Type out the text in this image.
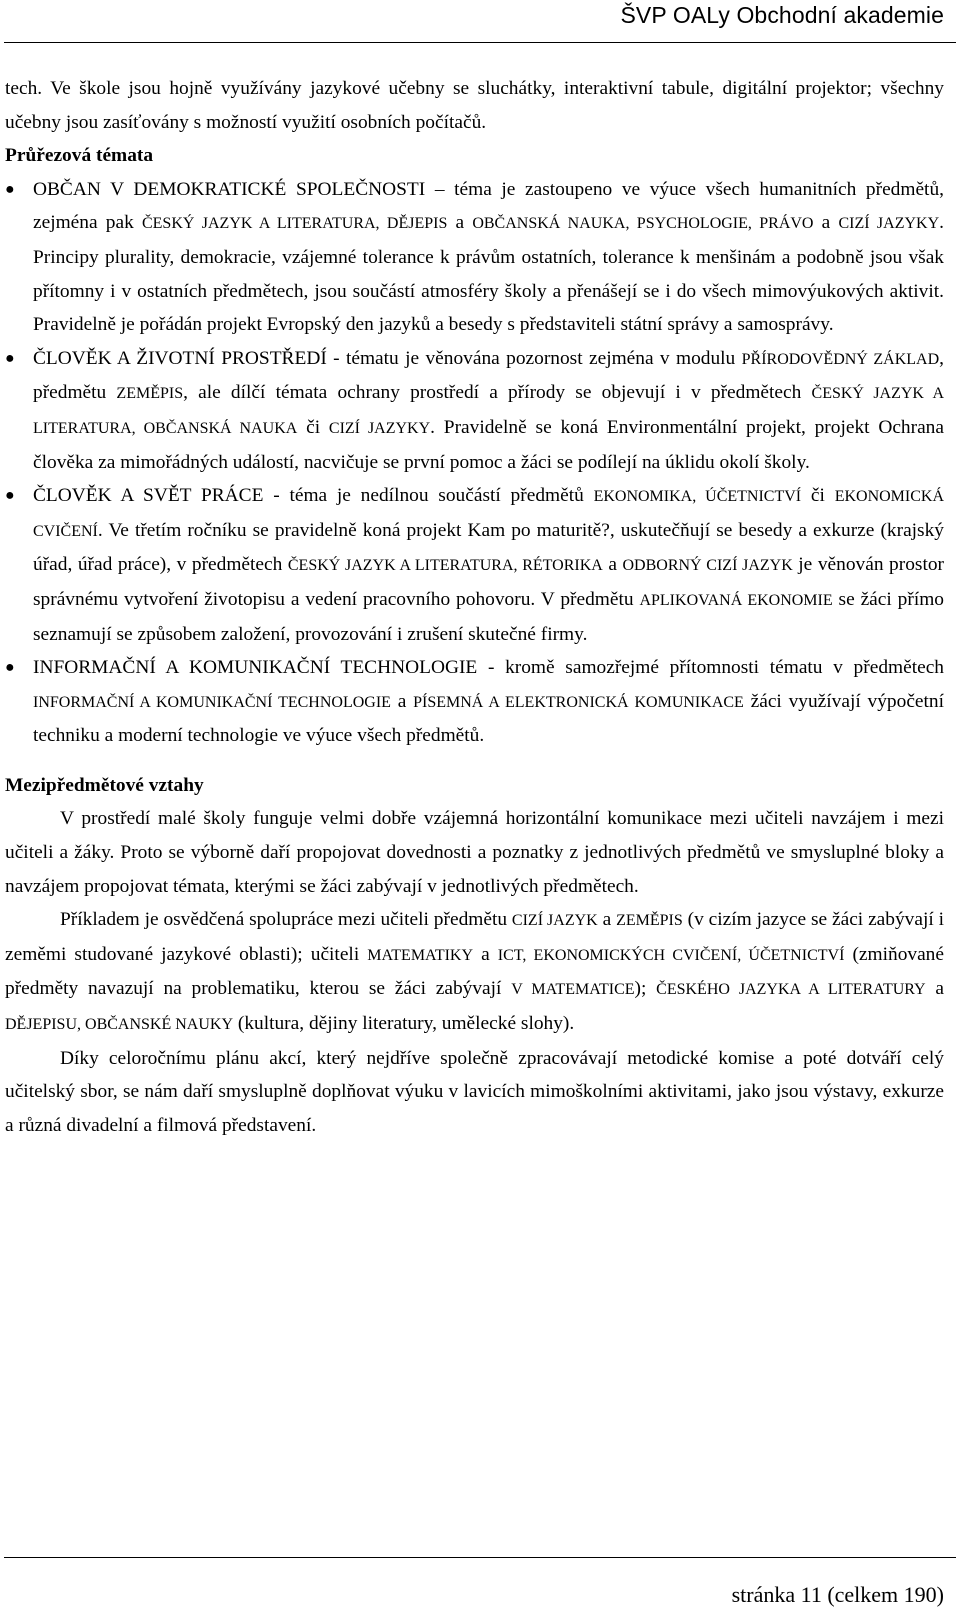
ŠVP OALy Obchodní akademie

tech. Ve škole jsou hojně využívány jazykové učebny se sluchátky, interaktivní tabule, digitální projektor; všechny učebny jsou zasíťovány s možností využití osobních počítačů.

Průřezová témata
● OBČAN V DEMOKRATICKÉ SPOLEČNOSTI – téma je zastoupeno ve výuce všech humanitních předmětů, zejména pak ČESKÝ JAZYK A LITERATURA, DĚJEPIS a OBČANSKÁ NAUKA, PSYCHOLOGIE, PRÁVO a CIZÍ JAZYKY. Principy plurality, demokracie, vzájemné tolerance k právům ostatních, tolerance k menšinám a podobně jsou však přítomny i v ostatních předmětech, jsou součástí atmosféry školy a přenášejí se i do všech mimovýukových aktivit. Pravidelně je pořádán projekt Evropský den jazyků a besedy s představiteli státní správy a samosprávy.
● ČLOVĚK A ŽIVOTNÍ PROSTŘEDÍ - tématu je věnována pozornost zejména v modulu PŘÍRODOVĚDNÝ ZÁKLAD, předmětu ZEMĚPIS, ale dílčí témata ochrany prostředí a přírody se objevují i v předmětech ČESKÝ JAZYK A LITERATURA, OBČANSKÁ NAUKA či CIZÍ JAZYKY. Pravidelně se koná Environmentální projekt, projekt Ochrana člověka za mimořádných událostí, nacvičuje se první pomoc a žáci se podílejí na úklidu okolí školy.
● ČLOVĚK A SVĚT PRÁCE - téma je nedílnou součástí předmětů EKONOMIKA, ÚČETNICTVÍ či EKONOMICKÁ CVIČENÍ. Ve třetím ročníku se pravidelně koná projekt Kam po maturitě?, uskutečňují se besedy a exkurze (krajský úřad, úřad práce), v předmětech ČESKÝ JAZYK A LITERATURA, RÉTORIKA a ODBORNÝ CIZÍ JAZYK je věnován prostor správnému vytvoření životopisu a vedení pracovního pohovoru. V předmětu APLIKOVANÁ EKONOMIE se žáci přímo seznamují se způsobem založení, provozování i zrušení skutečné firmy.
● INFORMAČNÍ A KOMUNIKAČNÍ TECHNOLOGIE - kromě samozřejmé přítomnosti tématu v předmětech INFORMAČNÍ A KOMUNIKAČNÍ TECHNOLOGIE a PÍSEMNÁ A ELEKTRONICKÁ KOMUNIKACE žáci využívají výpočetní techniku a moderní technologie ve výuce všech předmětů.
Mezipředmětové vztahy

V prostředí malé školy funguje velmi dobře vzájemná horizontální komunikace mezi učiteli navzájem i mezi učiteli a žáky. Proto se výborně daří propojovat dovednosti a poznatky z jednotlivých předmětů ve smysluplné bloky a navzájem propojovat témata, kterými se žáci zabývají v jednotlivých předmětech.

Příkladem je osvědčená spolupráce mezi učiteli předmětu CIZÍ JAZYK a ZEMĚPIS (v cizím jazyce se žáci zabývají i zeměmi studované jazykové oblasti); učiteli MATEMATIKY a ICT, EKONOMICKÝCH CVIČENÍ, ÚČETNICTVÍ (zmiňované předměty navazují na problematiku, kterou se žáci zabývají V MATEMATICE); ČESKÉHO JAZYKA A LITERATURY a DĚJEPISU, OBČANSKÉ NAUKY (kultura, dějiny literatury, umělecké slohy).

Díky celoročnímu plánu akcí, který nejdříve společně zpracovávají metodické komise a poté dotváří celý učitelský sbor, se nám daří smysluplně doplňovat výuku v lavicích mimoškolními aktivitami, jako jsou výstavy, exkurze a různá divadelní a filmová představení.

stránka 11 (celkem 190)
